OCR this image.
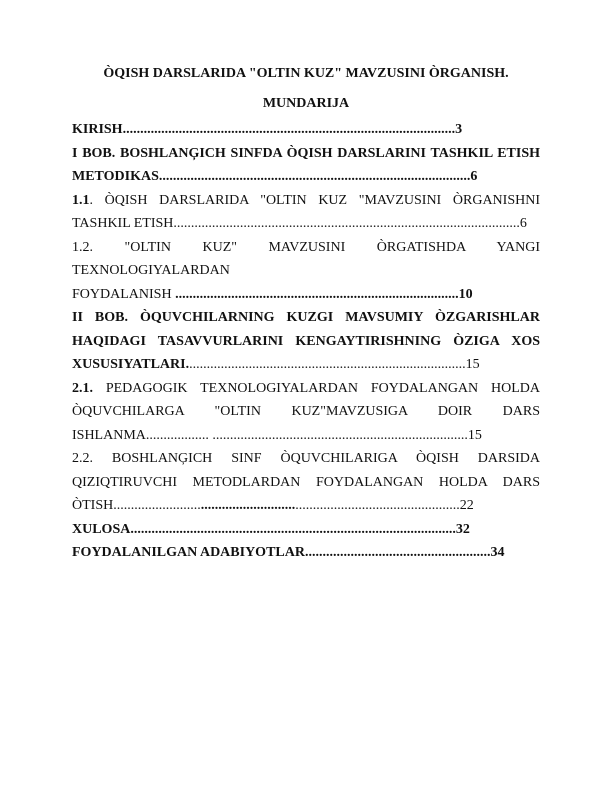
ÒQISH DARSLARIDA "OLTIN KUZ" MAVZUSINI ÒRGANISH.
MUNDARIJA
KIRISH...............................................................................................3
I BOB. BOSHLANĢICH SINFDA ÒQISH DARSLARINI TASHKIL ETISH
METODIKAS.........................................................................................6
1.1. ÒQISH DARSLARIDA "OLTIN KUZ "MAVZUSINI ÒRGANISHNI
TASHKIL ETISH...................................................................................................6
1.2.    "OLTIN    KUZ"    MAVZUSINI    ÒRGATISHDA    YANGI
TEXNOLOGIYALARDAN
FOYDALANISH .................................................................................10
II BOB. ÒQUVCHILARNING KUZGI MAVSUMIY ÒZGARISHLAR
HAQIDAGI TASAVVURLARINI KENGAYTIRISHNING ÒZIGA XOS
XUSUSIYATLARI................................................................................15
2.1. PEDAGOGIK TEXNOLOGIYALARDAN FOYDALANGAN HOLDA
ÒQUVCHILARGA "OLTIN KUZ"MAVZUSIGA DOIR DARS
ISHLANMA.................. .........................................................................15
2.2. BOSHLANĢICH SINF ÒQUVCHILARIGA ÒQISH DARSIDA
QIZIQTIRUVCHI METODLARDAN FOYDALANGAN HOLDA DARS
ÒTISH...................................................................................................22
XULOSA.............................................................................................32
FOYDALANILGAN ADABIYOTLAR.....................................................34
